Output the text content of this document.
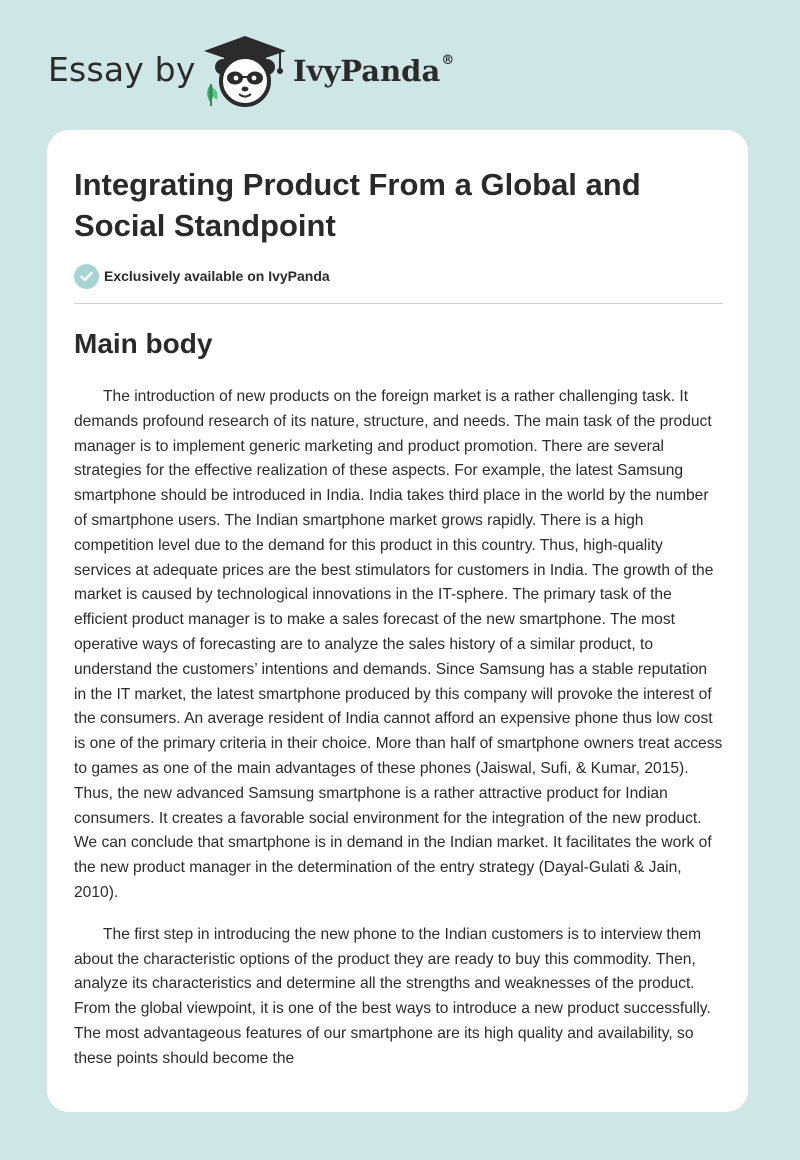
Essay by	IvyPanda®
Integrating Product From a Global and Social Standpoint
Exclusively available on IvyPanda
Main body

The introduction of new products on the foreign market is a rather challenging task. It demands profound research of its nature, structure, and needs. The main task of the product manager is to implement generic marketing and product promotion. There are several strategies for the effective realization of these aspects. For example, the latest Samsung smartphone should be introduced in India. India takes third place in the world by the number of smartphone users. The Indian smartphone market grows rapidly. There is a high competition level due to the demand for this product in this country. Thus, high-quality services at adequate prices are the best stimulators for customers in India. The growth of the market is caused by technological innovations in the IT-sphere. The primary task of the efficient product manager is to make a sales forecast of the new smartphone. The most operative ways of forecasting are to analyze the sales history of a similar product, to understand the customers’ intentions and demands. Since Samsung has a stable reputation in the IT market, the latest smartphone produced by this company will provoke the interest of the consumers. An average resident of India cannot afford an expensive phone thus low cost is one of the primary criteria in their choice. More than half of smartphone owners treat access to games as one of the main advantages of these phones (Jaiswal, Sufi, & Kumar, 2015). Thus, the new advanced Samsung smartphone is a rather attractive product for Indian consumers. It creates a favorable social environment for the integration of the new product. We can conclude that smartphone is in demand in the Indian market. It facilitates the work of the new product manager in the determination of the entry strategy (Dayal-Gulati & Jain, 2010).

The first step in introducing the new phone to the Indian customers is to interview them about the characteristic options of the product they are ready to buy this commodity. Then, analyze its characteristics and determine all the strengths and weaknesses of the product. From the global viewpoint, it is one of the best ways to introduce a new product successfully. The most advantageous features of our smartphone are its high quality and availability, so these points should become the
